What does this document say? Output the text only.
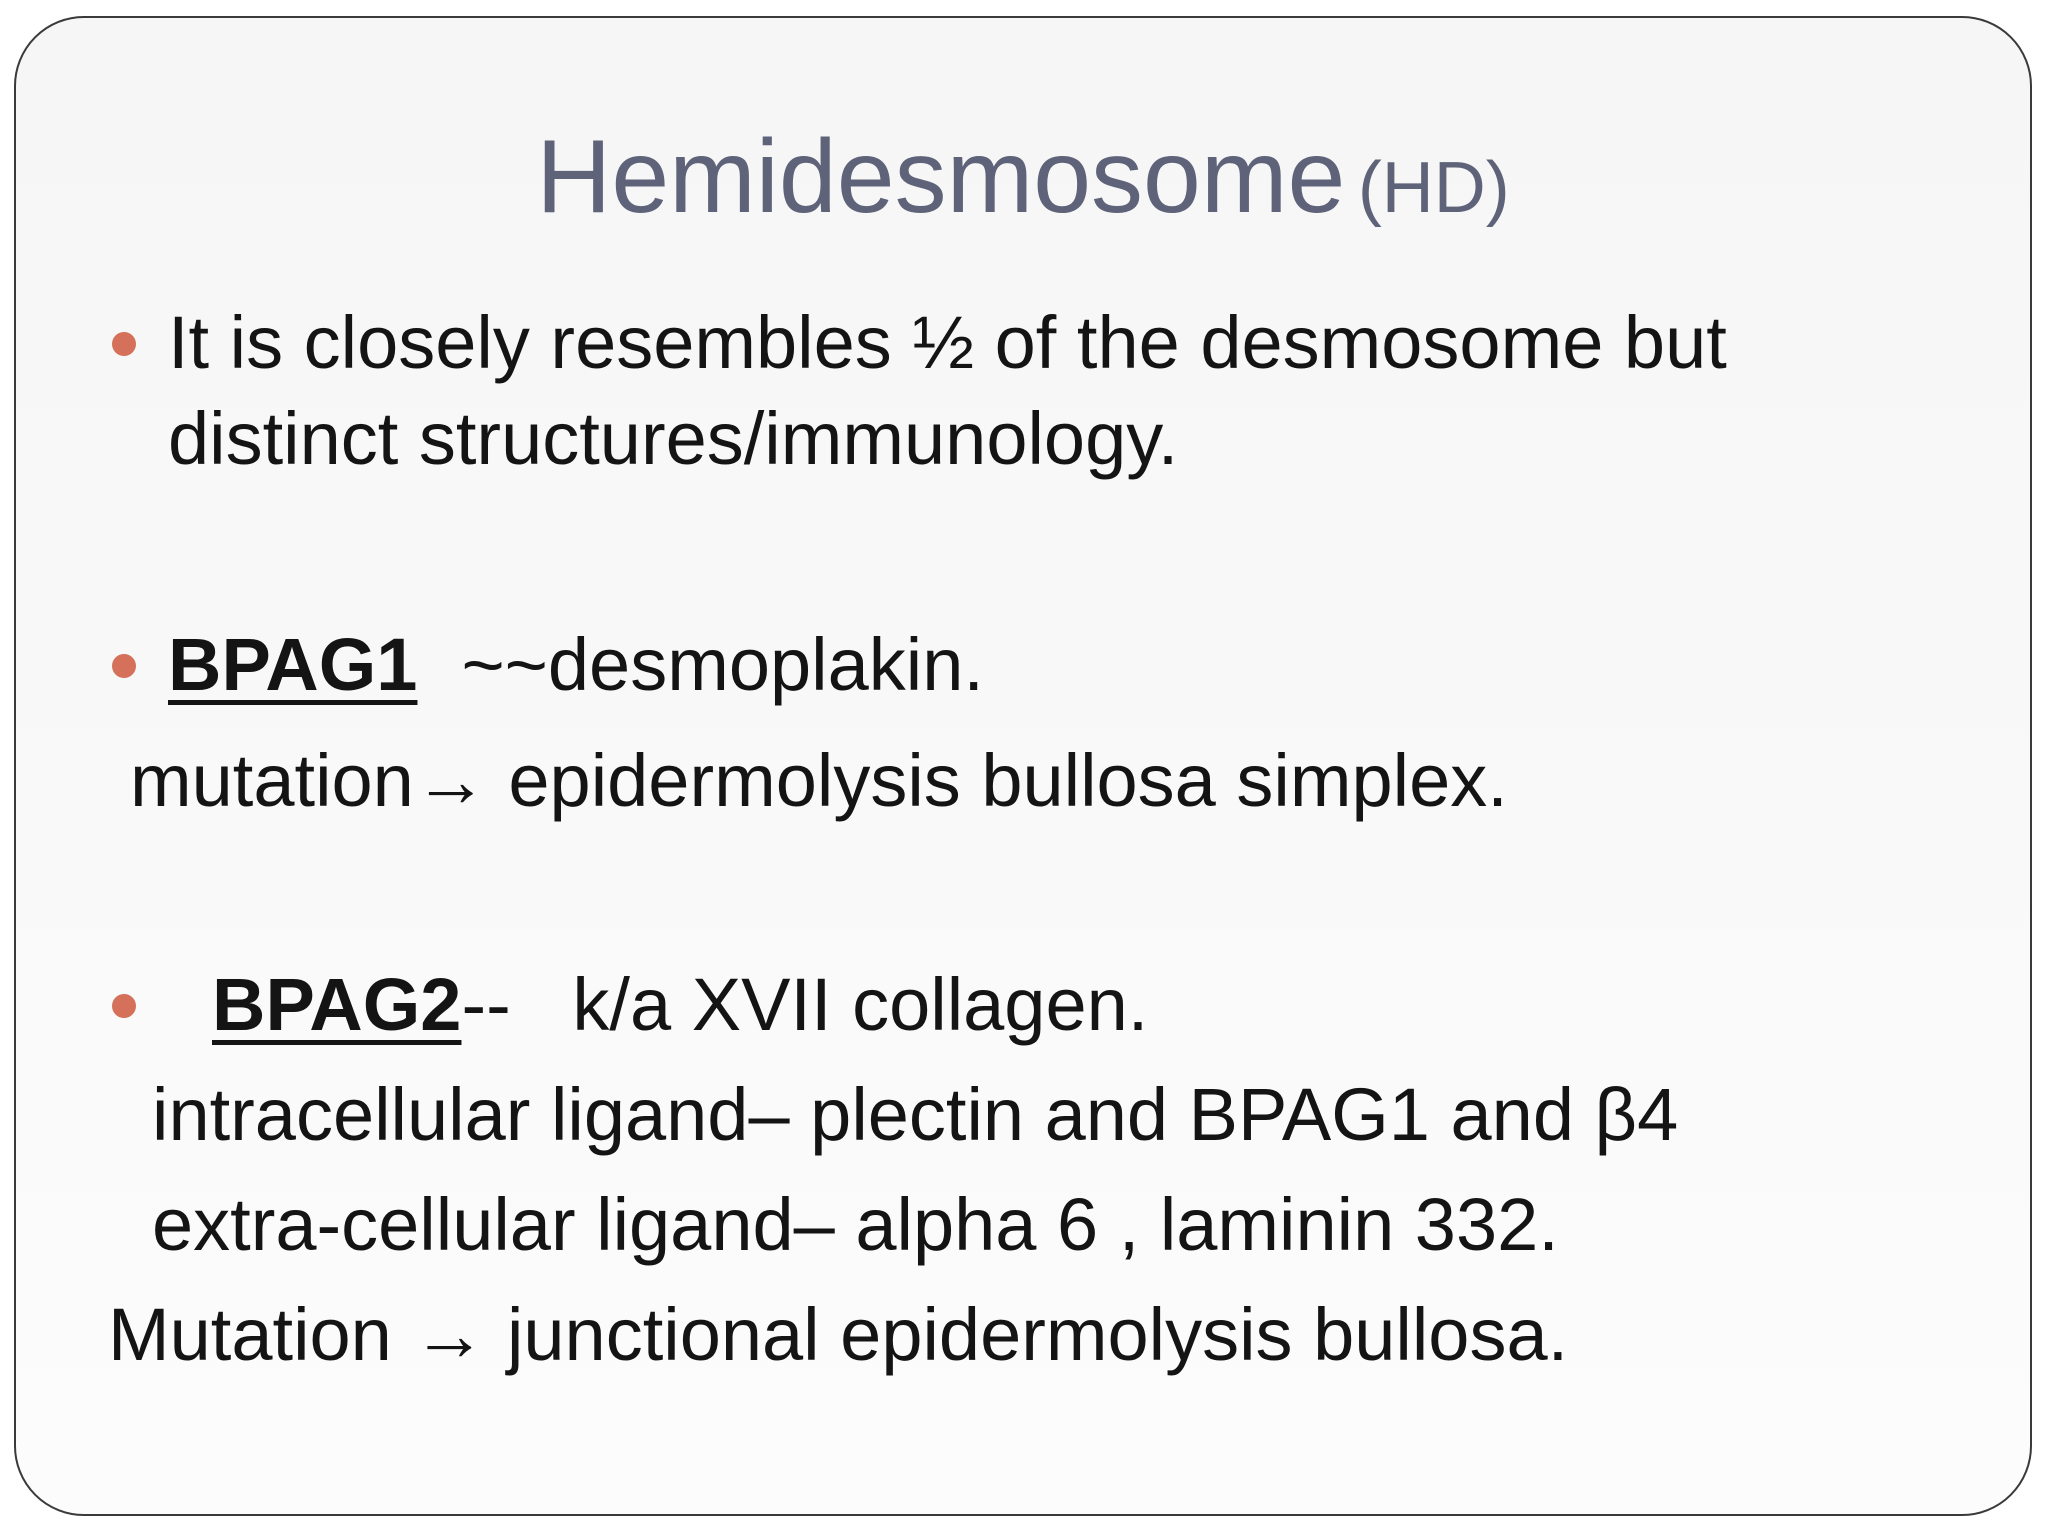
Hemidesmosome (HD)
It is closely resembles ½ of the desmosome but
distinct structures/immunology.
BPAG1 ~~desmoplakin.
mutation→ epidermolysis bullosa simplex.
BPAG2--   k/a XVII collagen.
intracellular ligand– plectin and BPAG1 and β4
extra-cellular ligand– alpha 6 , laminin 332.
Mutation → junctional epidermolysis bullosa.
